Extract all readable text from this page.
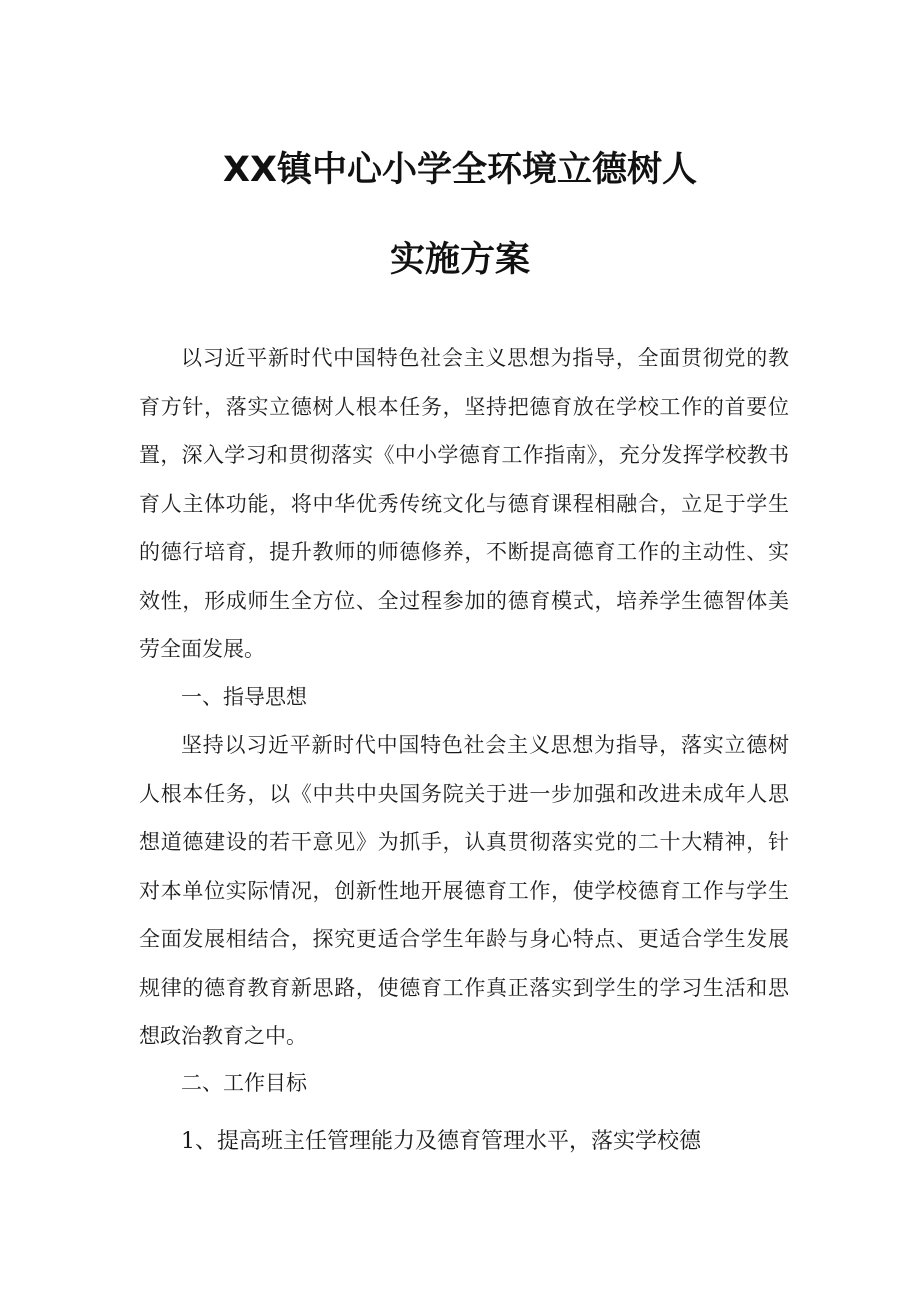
XX镇中心小学全环境立德树人
实施方案

以习近平新时代中国特色社会主义思想为指导，全面贯彻党的教育方针，落实立德树人根本任务，坚持把德育放在学校工作的首要位置，深入学习和贯彻落实《中小学德育工作指南》，充分发挥学校教书育人主体功能，将中华优秀传统文化与德育课程相融合，立足于学生的德行培育，提升教师的师德修养，不断提高德育工作的主动性、实效性，形成师生全方位、全过程参加的德育模式，培养学生德智体美劳全面发展。

一、指导思想

坚持以习近平新时代中国特色社会主义思想为指导，落实立德树人根本任务，以《中共中央国务院关于进一步加强和改进未成年人思想道德建设的若干意见》为抓手，认真贯彻落实党的二十大精神，针对本单位实际情况，创新性地开展德育工作，使学校德育工作与学生全面发展相结合，探究更适合学生年龄与身心特点、更适合学生发展规律的德育教育新思路，使德育工作真正落实到学生的学习生活和思想政治教育之中。

二、工作目标

1、提高班主任管理能力及德育管理水平，落实学校德
